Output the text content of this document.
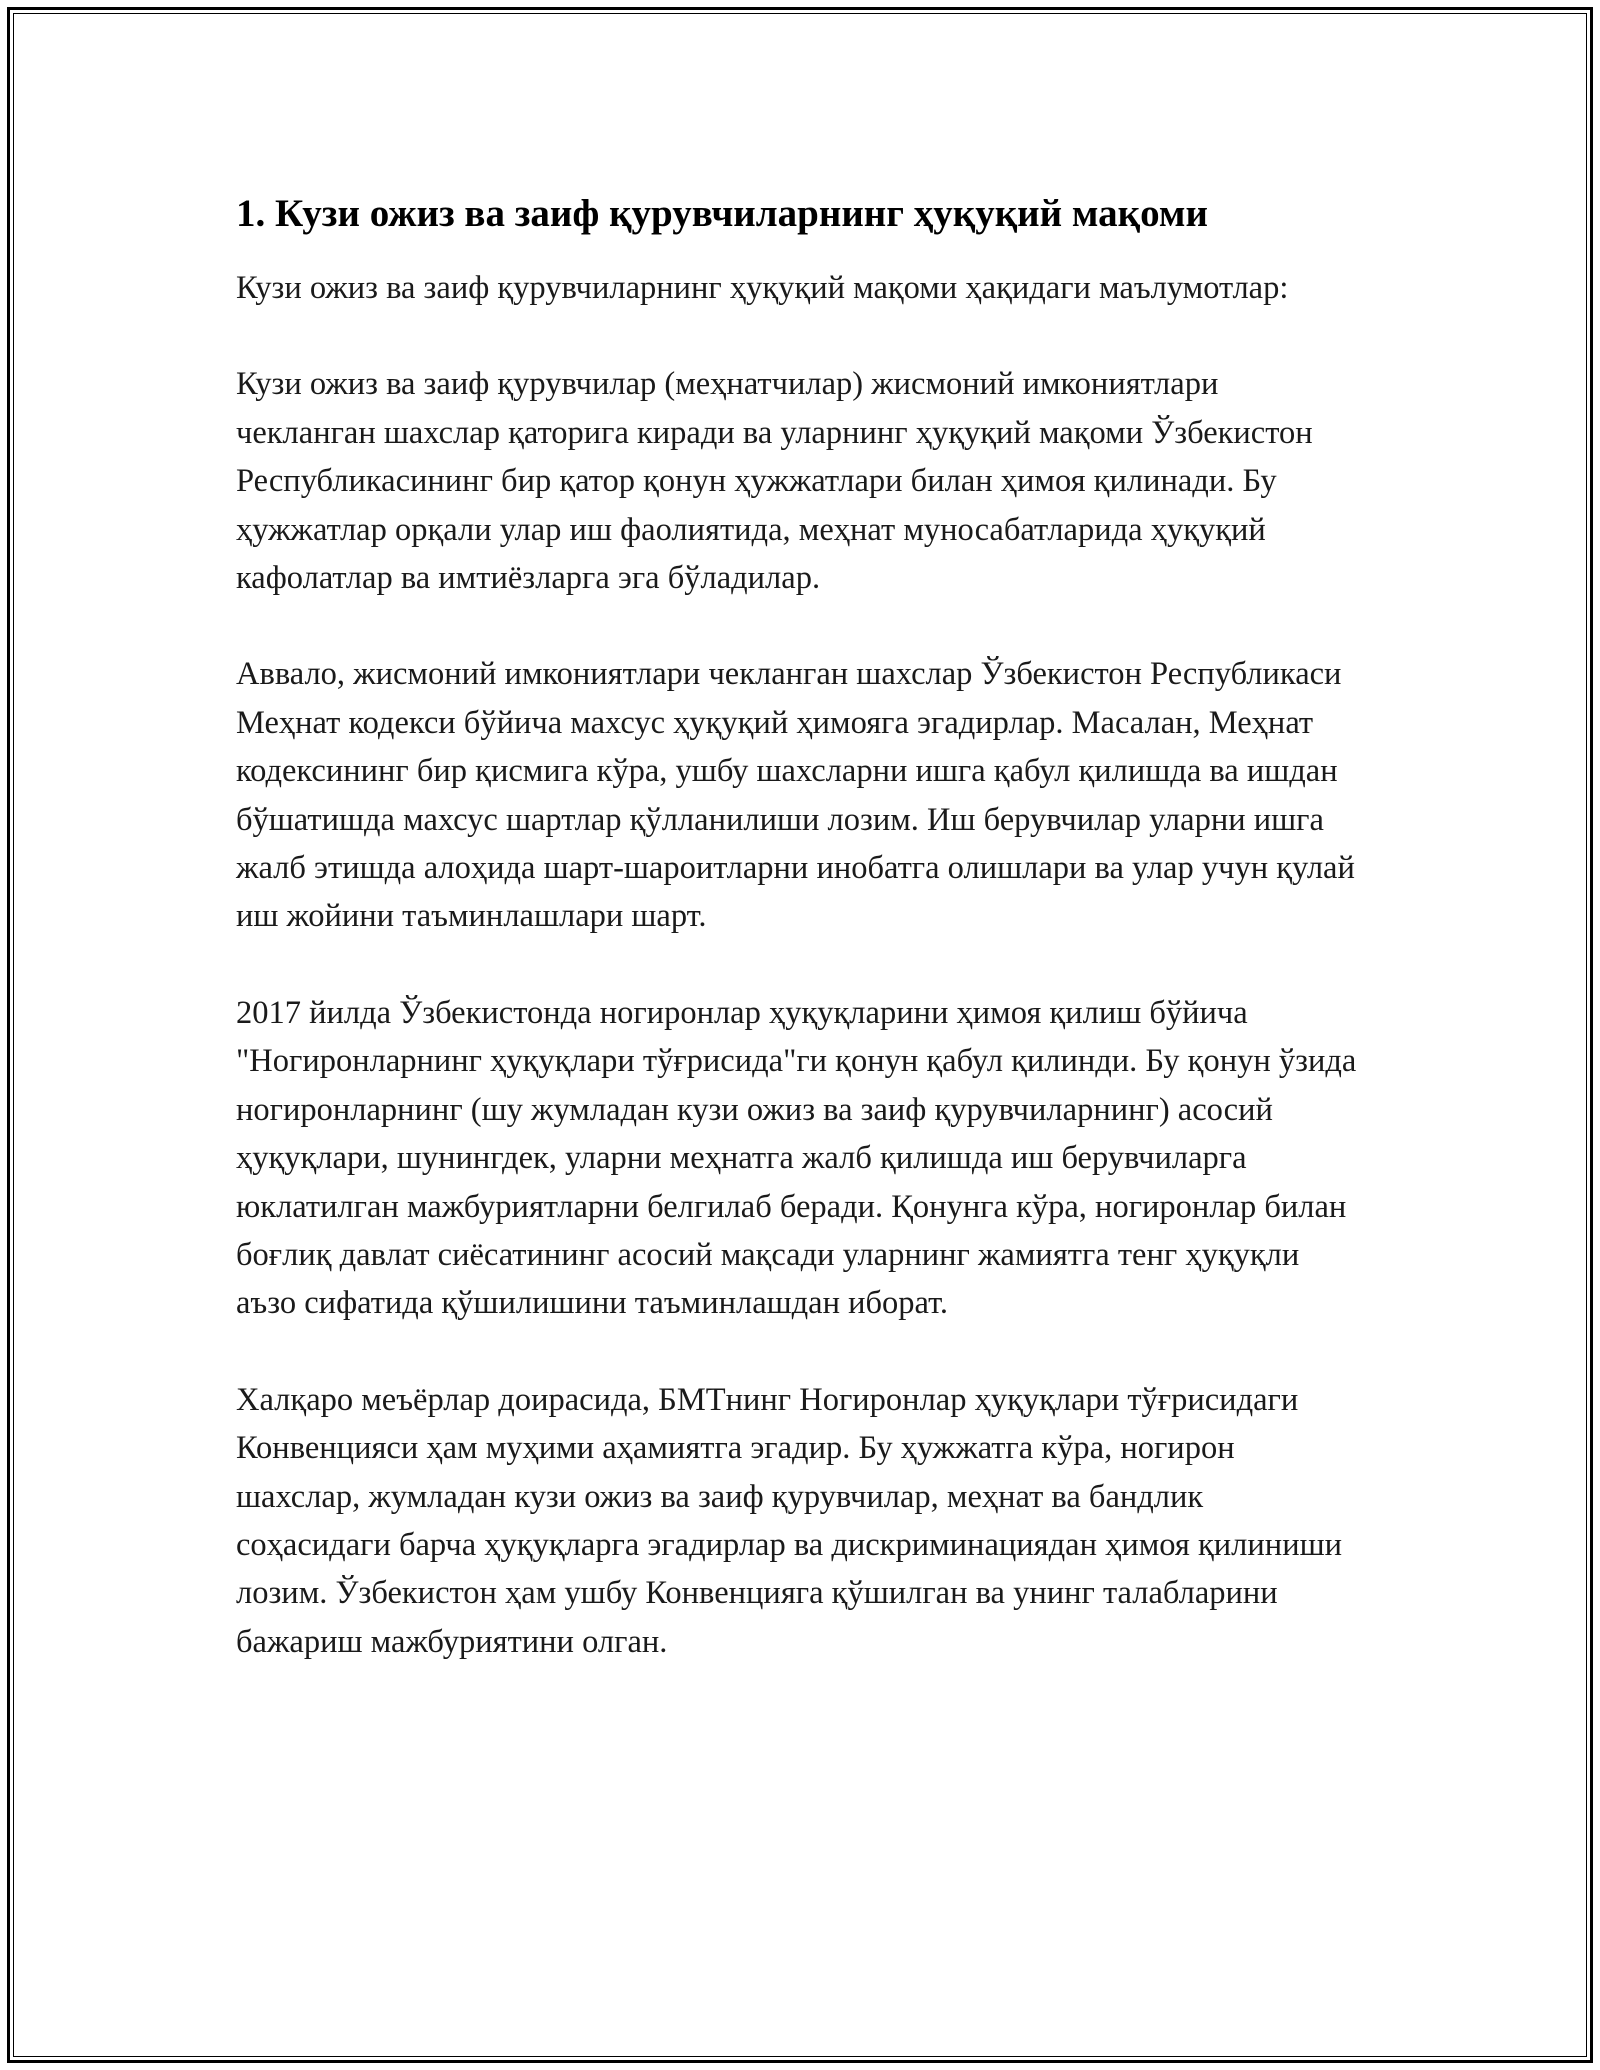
1. Кузи ожиз ва заиф қурувчиларнинг ҳуқуқий мақоми

Кузи ожиз ва заиф қурувчиларнинг ҳуқуқий мақоми ҳақидаги маълумотлар:

Кузи ожиз ва заиф қурувчилар (меҳнатчилар) жисмоний имкониятлари чекланган шахслар қаторига киради ва уларнинг ҳуқуқий мақоми Ўзбекистон Республикасининг бир қатор қонун ҳужжатлари билан ҳимоя қилинади. Бу ҳужжатлар орқали улар иш фаолиятида, меҳнат муносабатларида ҳуқуқий кафолатлар ва имтиёзларга эга бўладилар.

Аввало, жисмоний имкониятлари чекланган шахслар Ўзбекистон Республикаси Меҳнат кодекси бўйича махсус ҳуқуқий ҳимояга эгадирлар. Масалан, Меҳнат кодексининг бир қисмига кўра, ушбу шахсларни ишга қабул қилишда ва ишдан бўшатишда махсус шартлар қўлланилиши лозим. Иш берувчилар уларни ишга жалб этишда алоҳида шарт-шароитларни инобатга олишлари ва улар учун қулай иш жойини таъминлашлари шарт.

2017 йилда Ўзбекистонда ногиронлар ҳуқуқларини ҳимоя қилиш бўйича "Ногиронларнинг ҳуқуқлари тўғрисида"ги қонун қабул қилинди. Бу қонун ўзида ногиронларнинг (шу жумладан кузи ожиз ва заиф қурувчиларнинг) асосий ҳуқуқлари, шунингдек, уларни меҳнатга жалб қилишда иш берувчиларга юклатилган мажбуриятларни белгилаб беради. Қонунга кўра, ногиронлар билан боғлиқ давлат сиёсатининг асосий мақсади уларнинг жамиятга тенг ҳуқуқли аъзо сифатида қўшилишини таъминлашдан иборат.

Халқаро меъёрлар доирасида, БМТнинг Ногиронлар ҳуқуқлари тўғрисидаги Конвенцияси ҳам муҳими аҳамиятга эгадир. Бу ҳужжатга кўра, ногирон шахслар, жумладан кузи ожиз ва заиф қурувчилар, меҳнат ва бандлик соҳасидаги барча ҳуқуқларга эгадирлар ва дискриминациядан ҳимоя қилиниши лозим. Ўзбекистон ҳам ушбу Конвенцияга қўшилган ва унинг талабларини бажариш мажбуриятини олган.
